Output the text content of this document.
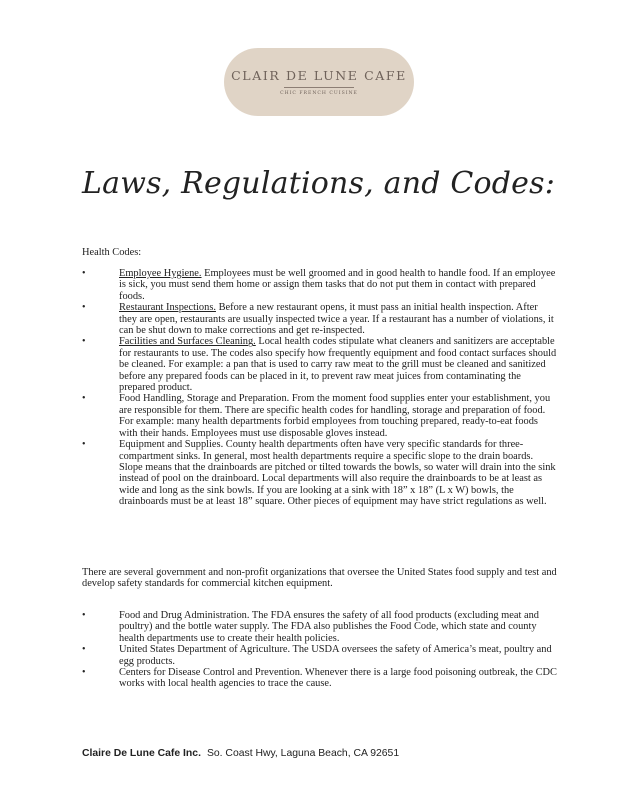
CLAIR DE LUNE CAFE
CHIC FRENCH CUISINE
Laws, Regulations, and Codes:
Health Codes:
•	Employee Hygiene. Employees must be well groomed and in good health to handle food. If an employee is sick, you must send them home or assign them tasks that do not put them in contact with prepared foods.
•	Restaurant Inspections. Before a new restaurant opens, it must pass an initial health inspection. After they are open, restaurants are usually inspected twice a year. If a restaurant has a number of violations, it can be shut down to make corrections and get re-inspected.
•	Facilities and Surfaces Cleaning. Local health codes stipulate what cleaners and sanitizers are acceptable for restaurants to use. The codes also specify how frequently equipment and food contact surfaces should be cleaned. For example: a pan that is used to carry raw meat to the grill must be cleaned and sanitized before any prepared foods can be placed in it, to prevent raw meat juices from contaminating the prepared product.
•	Food Handling, Storage and Preparation. From the moment food supplies enter your establishment, you are responsible for them. There are specific health codes for handling, storage and preparation of food. For example: many health departments forbid employees from touching prepared, ready-to-eat foods with their hands. Employees must use disposable gloves instead.
•	Equipment and Supplies. County health departments often have very specific standards for three-compartment sinks. In general, most health departments require a specific slope to the drain boards. Slope means that the drainboards are pitched or tilted towards the bowls, so water will drain into the sink instead of pool on the drainboard. Local departments will also require the drainboards to be at least as wide and long as the sink bowls. If you are looking at a sink with 18” x 18” (L x W) bowls, the drainboards must be at least 18” square. Other pieces of equipment may have strict regulations as well.
There are several government and non-profit organizations that oversee the United States food supply and test and develop safety standards for commercial kitchen equipment.
•	Food and Drug Administration. The FDA ensures the safety of all food products (excluding meat and poultry) and the bottle water supply. The FDA also publishes the Food Code, which state and county health departments use to create their health policies.
•	United States Department of Agriculture. The USDA oversees the safety of America’s meat, poultry and egg products.
•	Centers for Disease Control and Prevention. Whenever there is a large food poisoning outbreak, the CDC works with local health agencies to trace the cause.
Claire De Lune Cafe Inc. So. Coast Hwy, Laguna Beach, CA 92651
